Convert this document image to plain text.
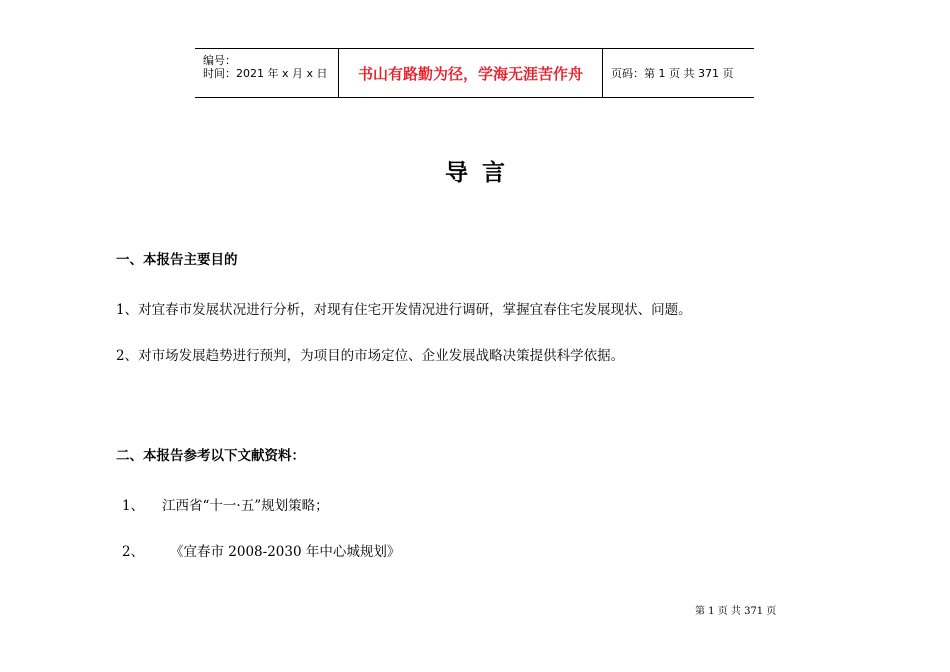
编号：
时间：2021 年 x 月 x 日 书山有路勤为径，学海无涯苦作舟	页码：第 1 页 共 371 页
导言
一、本报告主要目的
1、对宜春市发展状况进行分析，对现有住宅开发情况进行调研，掌握宜春住宅发展现状、问题。
2、对市场发展趋势进行预判，为项目的市场定位、企业发展战略决策提供科学依据。
二、本报告参考以下文献资料：
1、 江西省“十一·五”规划策略；
2、 《宜春市 2008-2030 年中心城规划》
第 1 页 共 371 页
